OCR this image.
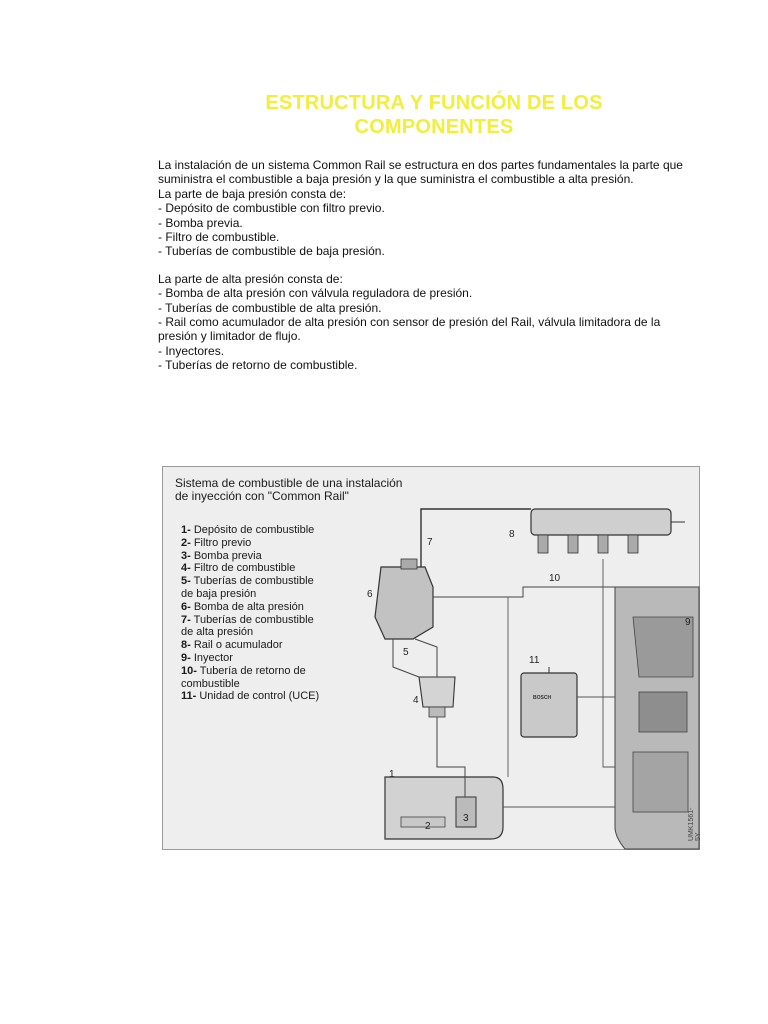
ESTRUCTURA Y FUNCIÓN DE LOS
COMPONENTES

La instalación de un sistema Common Rail se estructura en dos partes fundamentales la parte que

suministra el combustible a baja presión y la que suministra el combustible a alta presión.

La parte de baja presión consta de:

- Depósito de combustible con filtro previo.

- Bomba previa.

- Filtro de combustible.

- Tuberías de combustible de baja presión.

La parte de alta presión consta de:

- Bomba de alta presión con válvula reguladora de presión.

- Tuberías de combustible de alta presión.

- Rail como acumulador de alta presión con sensor de presión del Rail, válvula limitadora de la

presión y limitador de flujo.

- Inyectores.

- Tuberías de retorno de combustible.

Sistema de combustible de una instalación
de inyección con "Common Rail"
1- Depósito de combustible
2- Filtro previo
3- Bomba previa
4- Filtro de combustible
5- Tuberías de combustible
de baja presión
6- Bomba de alta presión
7- Tuberías de combustible
de alta presión
8- Rail o acumulador
9- Inyector
10- Tubería de retorno de
combustible
11- Unidad de control (UCE)
1
2
3
4
5
6
7
8
9
10
11
BOSCH
UMK1561-5Y
